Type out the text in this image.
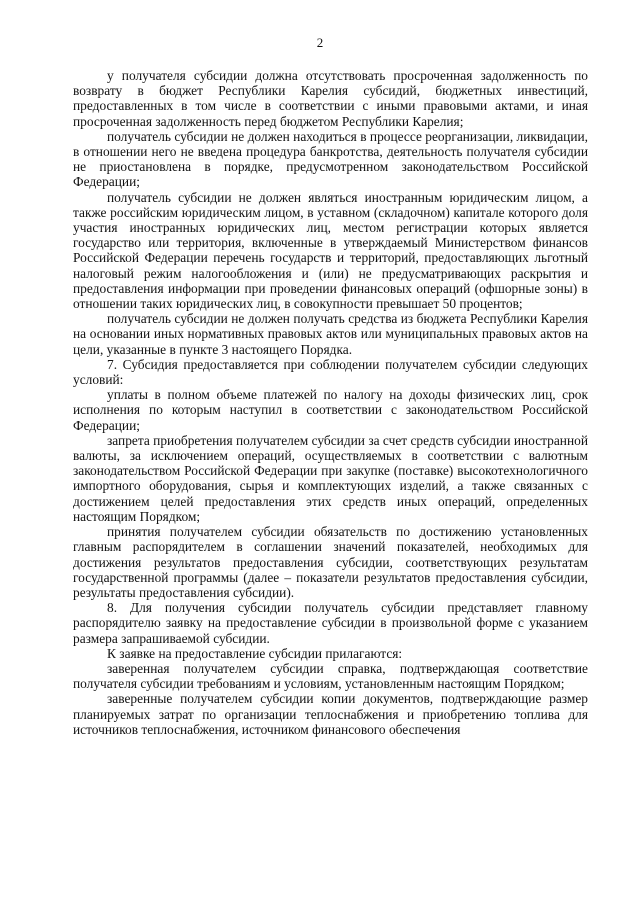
2

у получателя субсидии должна отсутствовать просроченная задолженность по возврату в бюджет Республики Карелия субсидий, бюджетных инвестиций, предоставленных в том числе в соответствии с иными правовыми актами, и иная просроченная задолженность перед бюджетом Республики Карелия;

получатель субсидии не должен находиться в процессе реорганизации, ликвидации, в отношении него не введена процедура банкротства, деятельность получателя субсидии не приостановлена в порядке, предусмотренном законодательством Российской Федерации;

получатель субсидии не должен являться иностранным юридическим лицом, а также российским юридическим лицом, в уставном (складочном) капитале которого доля участия иностранных юридических лиц, местом регистрации которых является государство или территория, включенные в утверждаемый Министерством финансов Российской Федерации перечень государств и территорий, предоставляющих льготный налоговый режим налогообложения и (или) не предусматривающих раскрытия и предоставления информации при проведении финансовых операций (офшорные зоны) в отношении таких юридических лиц, в совокупности превышает 50 процентов;

получатель субсидии не должен получать средства из бюджета Республики Карелия на основании иных нормативных правовых актов или муниципальных правовых актов на цели, указанные в пункте 3 настоящего Порядка.

7. Субсидия предоставляется при соблюдении получателем субсидии следующих условий:

уплаты в полном объеме платежей по налогу на доходы физических лиц, срок исполнения по которым наступил в соответствии с законодательством Российской Федерации;

запрета приобретения получателем субсидии за счет средств субсидии иностранной валюты, за исключением операций, осуществляемых в соответствии с валютным законодательством Российской Федерации при закупке (поставке) высокотехнологичного импортного оборудования, сырья и комплектующих изделий, а также связанных с достижением целей предоставления этих средств иных операций, определенных настоящим Порядком;

принятия получателем субсидии обязательств по достижению установленных главным распорядителем в соглашении значений показателей, необходимых для достижения результатов предоставления субсидии, соответствующих результатам государственной программы (далее – показатели результатов предоставления субсидии, результаты предоставления субсидии).

8. Для получения субсидии получатель субсидии представляет главному распорядителю заявку на предоставление субсидии в произвольной форме с указанием размера запрашиваемой субсидии.

К заявке на предоставление субсидии прилагаются:

заверенная получателем субсидии справка, подтверждающая соответствие получателя субсидии требованиям и условиям, установленным настоящим Порядком;

заверенные получателем субсидии копии документов, подтверждающие размер планируемых затрат по организации теплоснабжения и приобретению топлива для источников теплоснабжения, источником финансового обеспечения
